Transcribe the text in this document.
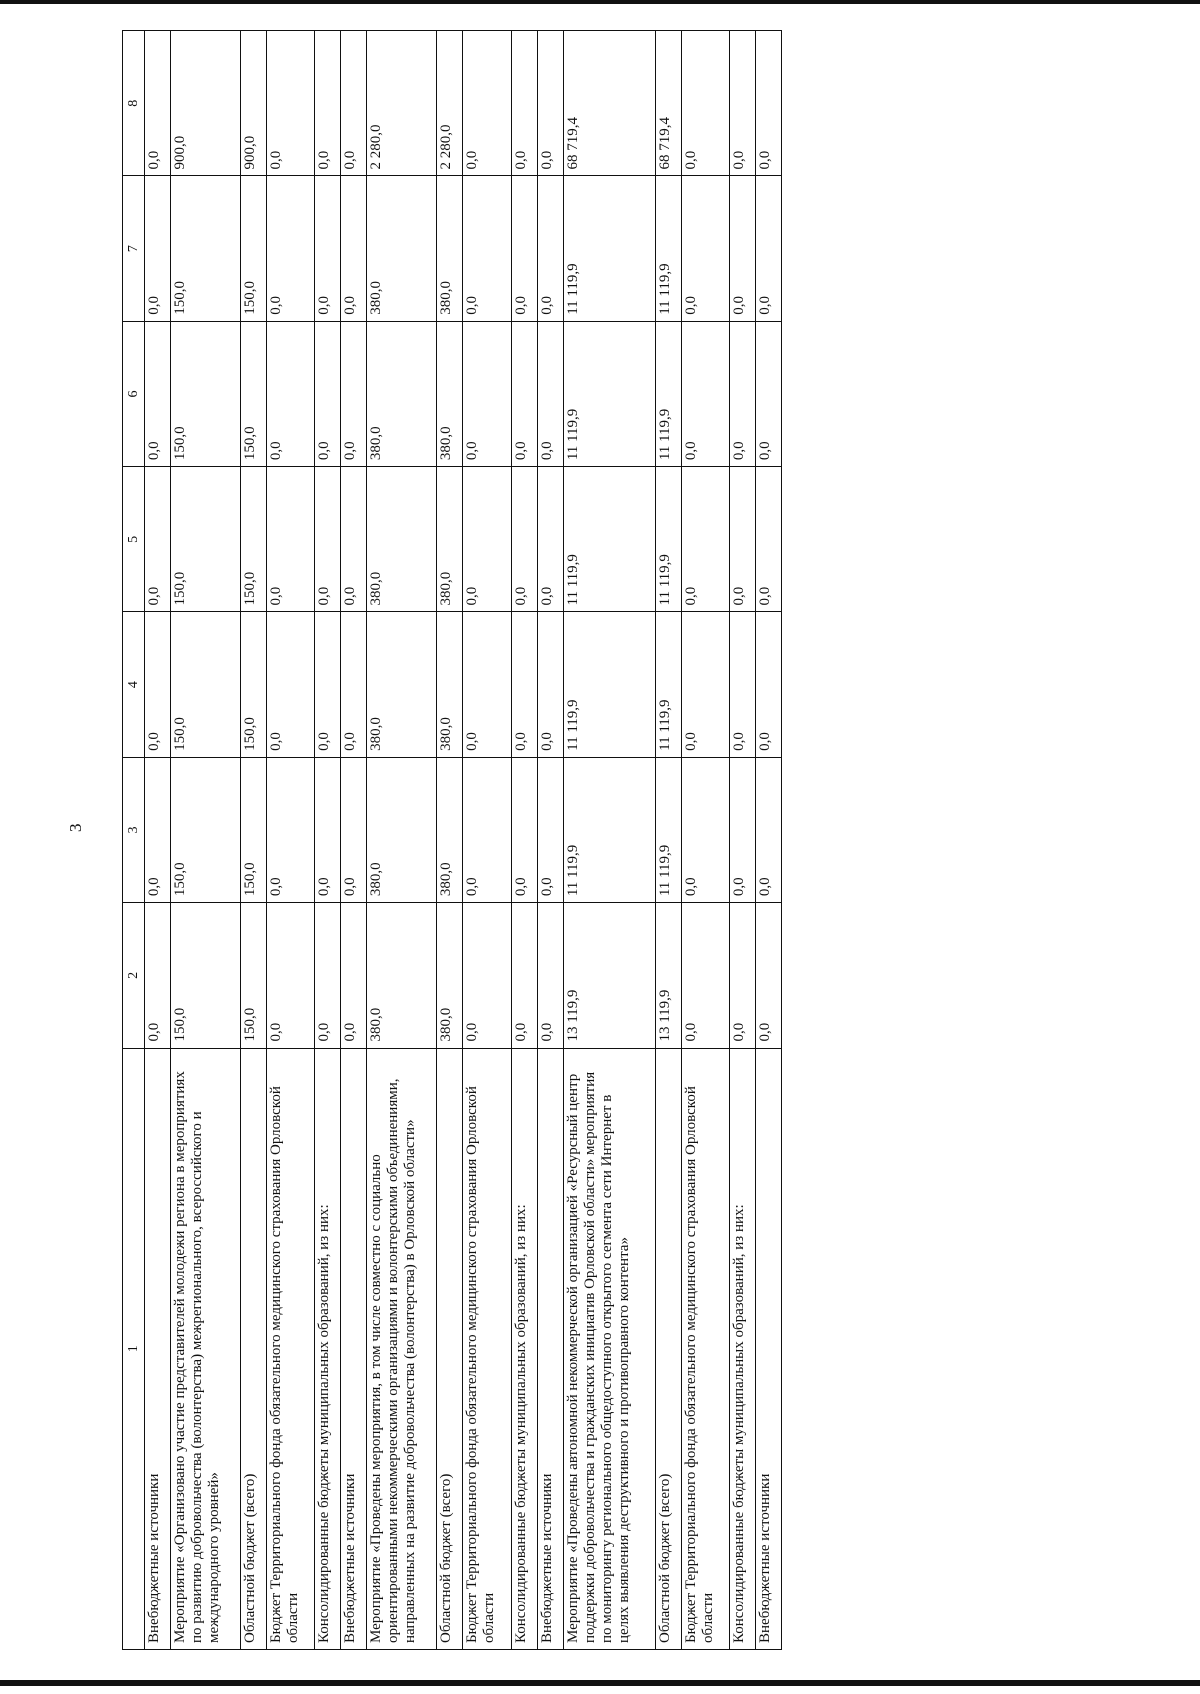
3
1	2	3	4	5	6	7	8
Внебюджетные источники	0,0	0,0	0,0	0,0	0,0	0,0	0,0
Мероприятие «Организовано участие представителей молодежи региона в мероприятиях по развитию добровольчества (волонтерства) межрегионального, всероссийского и международного уровней»	150,0	150,0	150,0	150,0	150,0	150,0	900,0
Областной бюджет (всего)	150,0	150,0	150,0	150,0	150,0	150,0	900,0
Бюджет Территориального фонда обязательного медицинского страхования Орловской области	0,0	0,0	0,0	0,0	0,0	0,0	0,0
Консолидированные бюджеты муниципальных образований, из них:	0,0	0,0	0,0	0,0	0,0	0,0	0,0
Внебюджетные источники	0,0	0,0	0,0	0,0	0,0	0,0	0,0
Мероприятие «Проведены мероприятия, в том числе совместно с социально ориентированными некоммерческими организациями и волонтерскими объединениями, направленных на развитие добровольчества (волонтерства) в Орловской области»	380,0	380,0	380,0	380,0	380,0	380,0	2 280,0
Областной бюджет (всего)	380,0	380,0	380,0	380,0	380,0	380,0	2 280,0
Бюджет Территориального фонда обязательного медицинского страхования Орловской области	0,0	0,0	0,0	0,0	0,0	0,0	0,0
Консолидированные бюджеты муниципальных образований, из них:	0,0	0,0	0,0	0,0	0,0	0,0	0,0
Внебюджетные источники	0,0	0,0	0,0	0,0	0,0	0,0	0,0
Мероприятие «Проведены автономной некоммерческой организацией «Ресурсный центр поддержки добровольчества и гражданских инициатив Орловской области» мероприятия по мониторингу регионального общедоступного открытого сегмента сети Интернет в целях выявления деструктивного и противоправного контента»	13 119,9	11 119,9	11 119,9	11 119,9	11 119,9	11 119,9	68 719,4
Областной бюджет (всего)	13 119,9	11 119,9	11 119,9	11 119,9	11 119,9	11 119,9	68 719,4
Бюджет Территориального фонда обязательного медицинского страхования Орловской области	0,0	0,0	0,0	0,0	0,0	0,0	0,0
Консолидированные бюджеты муниципальных образований, из них:	0,0	0,0	0,0	0,0	0,0	0,0	0,0
Внебюджетные источники	0,0	0,0	0,0	0,0	0,0	0,0	0,0
